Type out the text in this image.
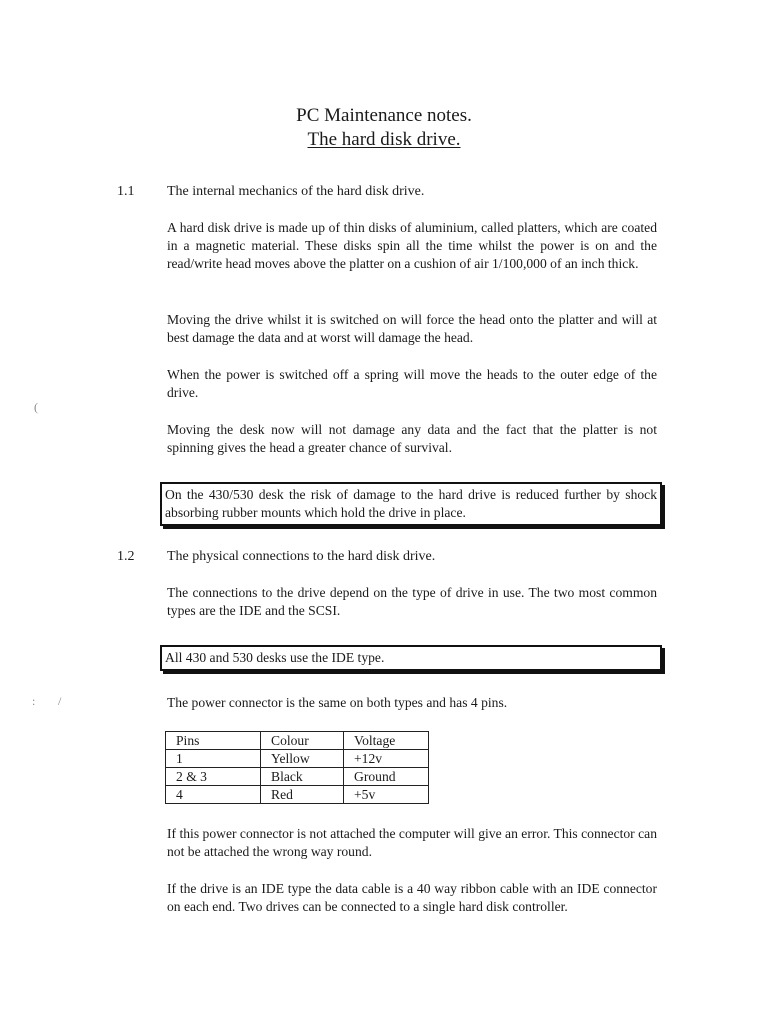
PC Maintenance notes.
The hard disk drive.
1.1 The internal mechanics of the hard disk drive.
A hard disk drive is made up of thin disks of aluminium, called platters, which are coated in a magnetic material. These disks spin all the time whilst the power is on and the read/write head moves above the platter on a cushion of air 1/100,000 of an inch thick.
Moving the drive whilst it is switched on will force the head onto the platter and will at best damage the data and at worst will damage the head.
When the power is switched off a spring will move the heads to the outer edge of the drive.
Moving the desk now will not damage any data and the fact that the platter is not spinning gives the head a greater chance of survival.
On the 430/530 desk the risk of damage to the hard drive is reduced further by shock absorbing rubber mounts which hold the drive in place.
1.2 The physical connections to the hard disk drive.
The connections to the drive depend on the type of drive in use. The two most common types are the IDE and the SCSI.
All 430 and 530 desks use the IDE type.
The power connector is the same on both types and has 4 pins.
Pins	Colour	Voltage
1	Yellow	+12v
2 & 3	Black	Ground
4	Red	+5v
If this power connector is not attached the computer will give an error. This connector can not be attached the wrong way round.
If the drive is an IDE type the data cable is a 40 way ribbon cable with an IDE connector on each end. Two drives can be connected to a single hard disk controller.
(
: /
